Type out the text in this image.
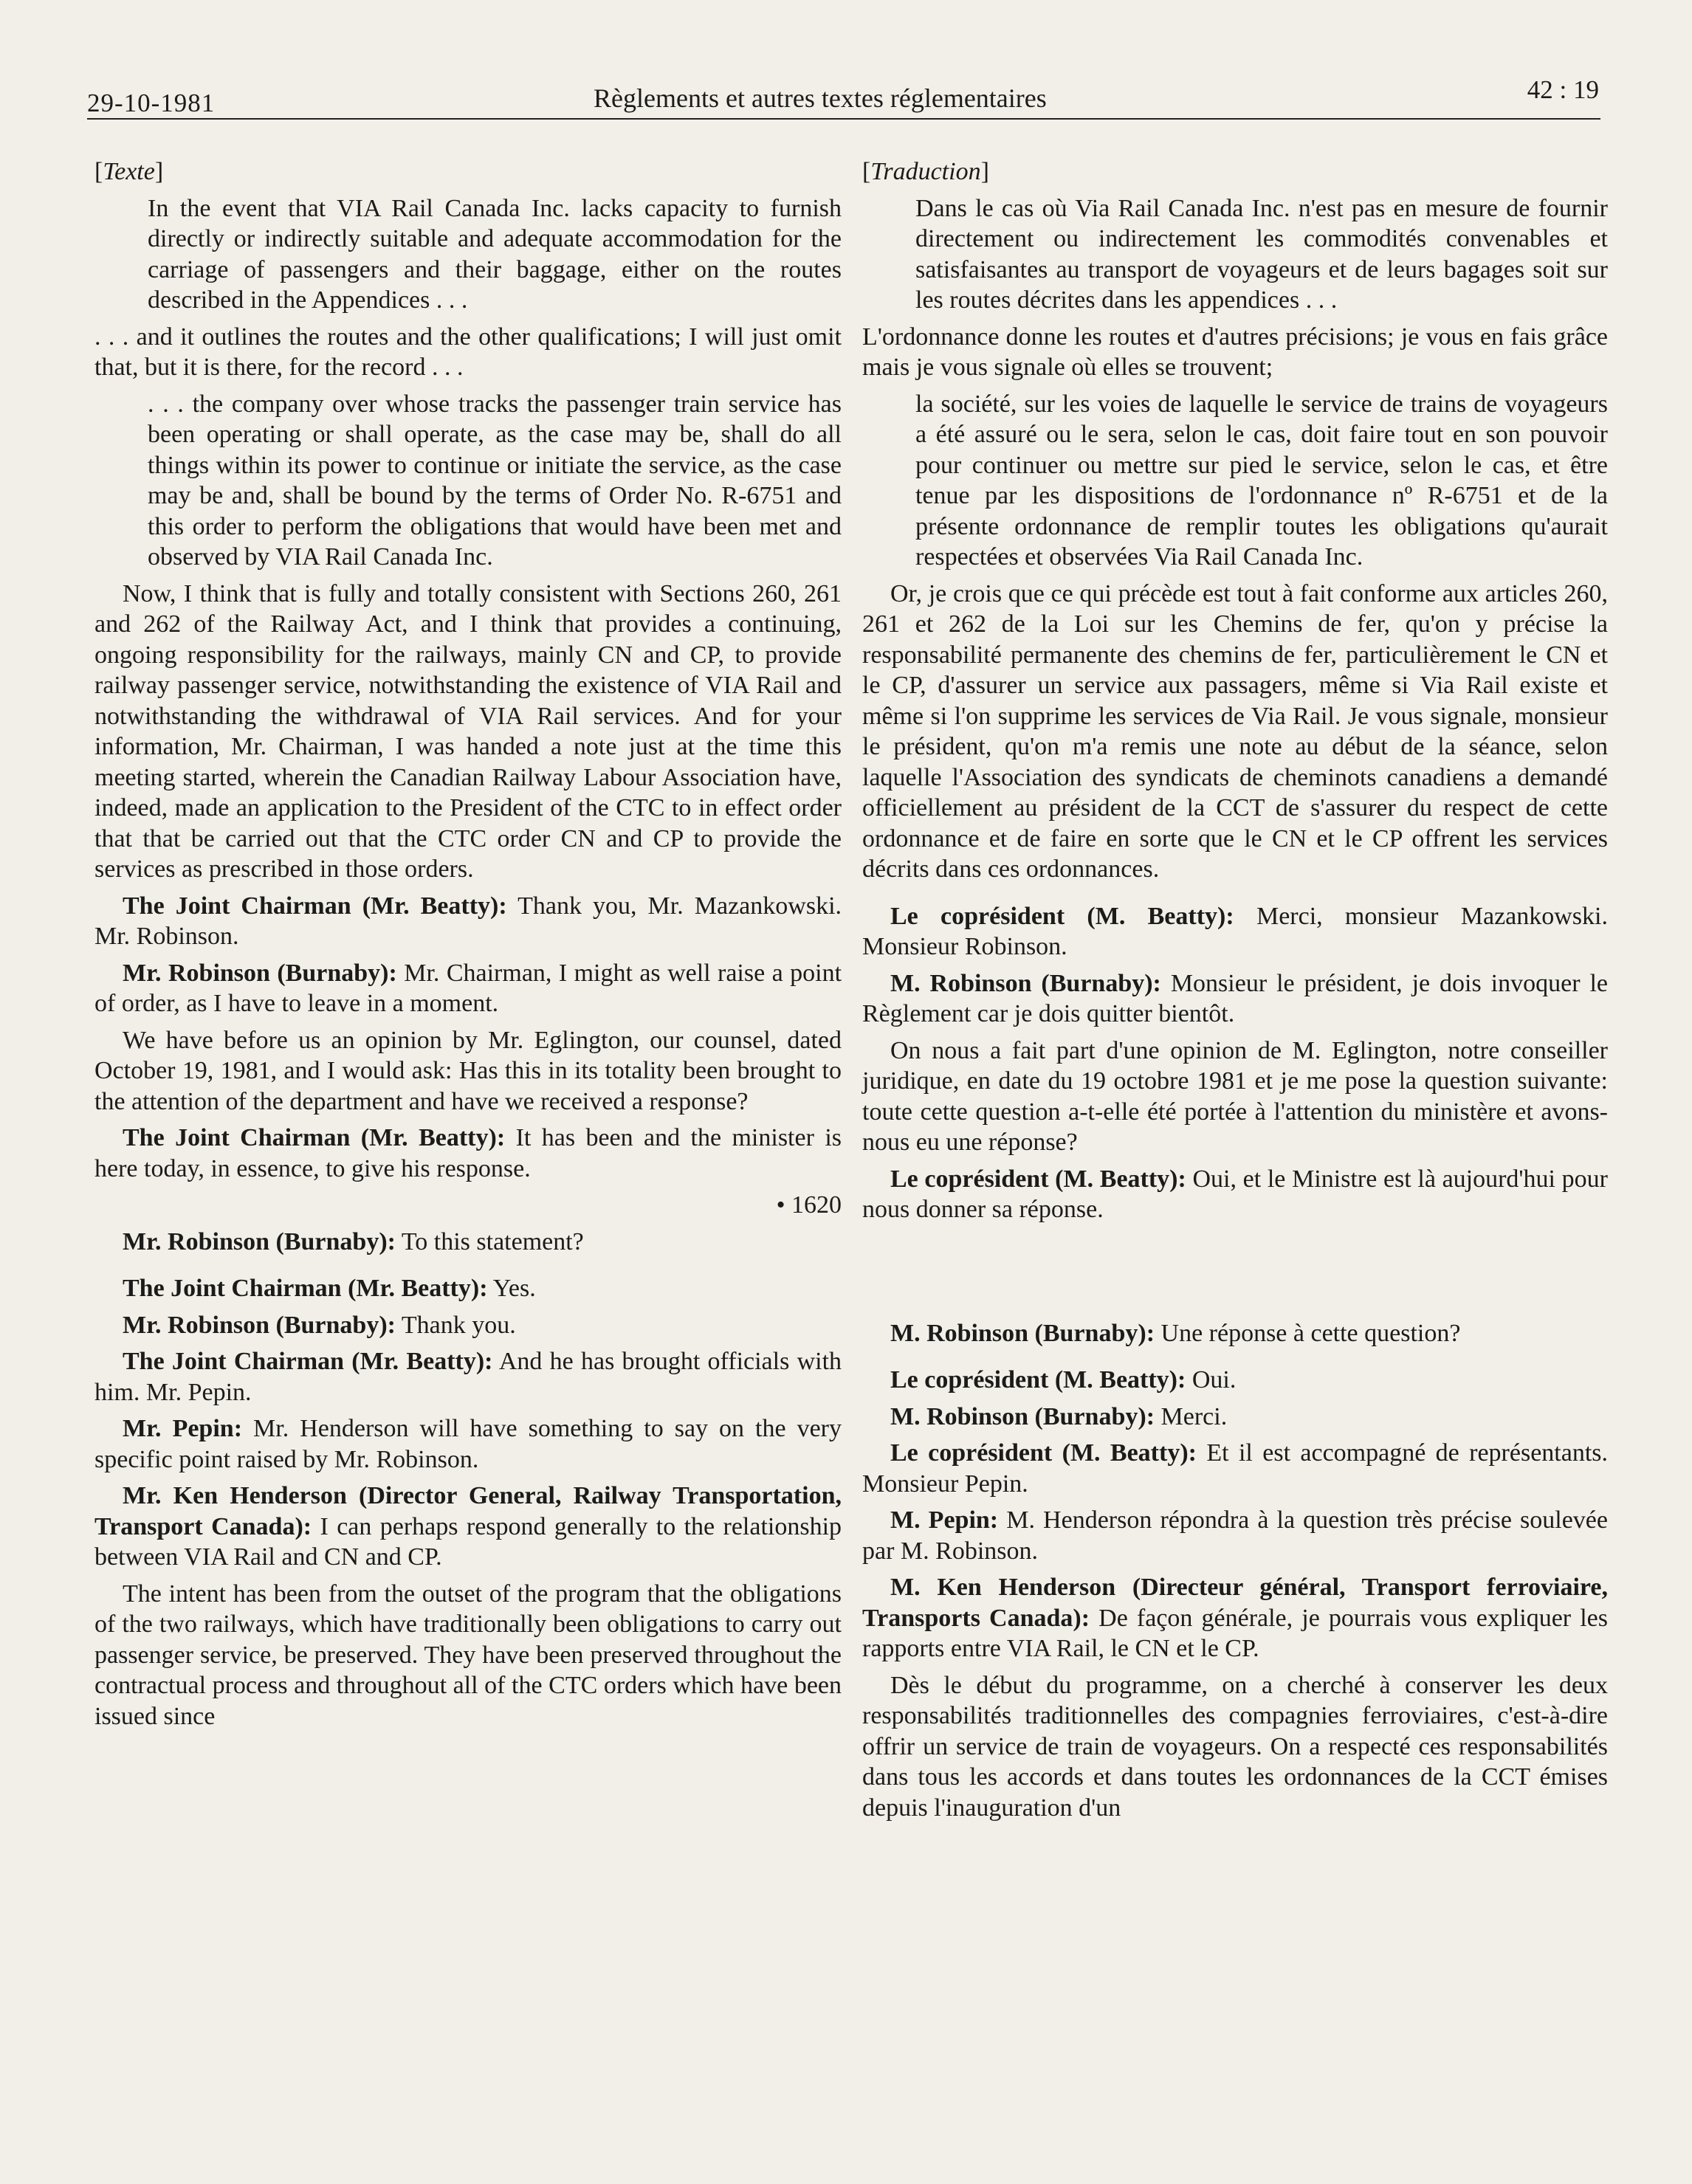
29-10-1981	Règlements et autres textes réglementaires	42 : 19

[Texte]

In the event that VIA Rail Canada Inc. lacks capacity to furnish directly or indirectly suitable and adequate accommodation for the carriage of passengers and their baggage, either on the routes described in the Appendices . . .

. . . and it outlines the routes and the other qualifications; I will just omit that, but it is there, for the record . . .

. . . the company over whose tracks the passenger train service has been operating or shall operate, as the case may be, shall do all things within its power to continue or initiate the service, as the case may be and, shall be bound by the terms of Order No. R-6751 and this order to perform the obligations that would have been met and observed by VIA Rail Canada Inc.

Now, I think that is fully and totally consistent with Sections 260, 261 and 262 of the Railway Act, and I think that provides a continuing, ongoing responsibility for the railways, mainly CN and CP, to provide railway passenger service, notwithstanding the existence of VIA Rail and notwithstanding the withdrawal of VIA Rail services. And for your information, Mr. Chairman, I was handed a note just at the time this meeting started, wherein the Canadian Railway Labour Association have, indeed, made an application to the President of the CTC to in effect order that that be carried out that the CTC order CN and CP to provide the services as prescribed in those orders.

The Joint Chairman (Mr. Beatty): Thank you, Mr. Mazankowski. Mr. Robinson.

Mr. Robinson (Burnaby): Mr. Chairman, I might as well raise a point of order, as I have to leave in a moment.

We have before us an opinion by Mr. Eglington, our counsel, dated October 19, 1981, and I would ask: Has this in its totality been brought to the attention of the department and have we received a response?

The Joint Chairman (Mr. Beatty): It has been and the minister is here today, in essence, to give his response.

• 1620

Mr. Robinson (Burnaby): To this statement?

The Joint Chairman (Mr. Beatty): Yes.

Mr. Robinson (Burnaby): Thank you.

The Joint Chairman (Mr. Beatty): And he has brought officials with him. Mr. Pepin.

Mr. Pepin: Mr. Henderson will have something to say on the very specific point raised by Mr. Robinson.

Mr. Ken Henderson (Director General, Railway Transportation, Transport Canada): I can perhaps respond generally to the relationship between VIA Rail and CN and CP.

The intent has been from the outset of the program that the obligations of the two railways, which have traditionally been obligations to carry out passenger service, be preserved. They have been preserved throughout the contractual process and throughout all of the CTC orders which have been issued since

[Traduction]

Dans le cas où Via Rail Canada Inc. n'est pas en mesure de fournir directement ou indirectement les commodités convenables et satisfaisantes au transport de voyageurs et de leurs bagages soit sur les routes décrites dans les appendices . . .

L'ordonnance donne les routes et d'autres précisions; je vous en fais grâce mais je vous signale où elles se trouvent;

la société, sur les voies de laquelle le service de trains de voyageurs a été assuré ou le sera, selon le cas, doit faire tout en son pouvoir pour continuer ou mettre sur pied le service, selon le cas, et être tenue par les dispositions de l'ordonnance nº R-6751 et de la présente ordonnance de remplir toutes les obligations qu'aurait respectées et observées Via Rail Canada Inc.

Or, je crois que ce qui précède est tout à fait conforme aux articles 260, 261 et 262 de la Loi sur les Chemins de fer, qu'on y précise la responsabilité permanente des chemins de fer, particulièrement le CN et le CP, d'assurer un service aux passagers, même si Via Rail existe et même si l'on supprime les services de Via Rail. Je vous signale, monsieur le président, qu'on m'a remis une note au début de la séance, selon laquelle l'Association des syndicats de cheminots canadiens a demandé officiellement au président de la CCT de s'assurer du respect de cette ordonnance et de faire en sorte que le CN et le CP offrent les services décrits dans ces ordonnances.

Le coprésident (M. Beatty): Merci, monsieur Mazankowski. Monsieur Robinson.

M. Robinson (Burnaby): Monsieur le président, je dois invoquer le Règlement car je dois quitter bientôt.

On nous a fait part d'une opinion de M. Eglington, notre conseiller juridique, en date du 19 octobre 1981 et je me pose la question suivante: toute cette question a-t-elle été portée à l'attention du ministère et avons-nous eu une réponse?

Le coprésident (M. Beatty): Oui, et le Ministre est là aujourd'hui pour nous donner sa réponse.

M. Robinson (Burnaby): Une réponse à cette question?

Le coprésident (M. Beatty): Oui.

M. Robinson (Burnaby): Merci.

Le coprésident (M. Beatty): Et il est accompagné de représentants. Monsieur Pepin.

M. Pepin: M. Henderson répondra à la question très précise soulevée par M. Robinson.

M. Ken Henderson (Directeur général, Transport ferroviaire, Transports Canada): De façon générale, je pourrais vous expliquer les rapports entre VIA Rail, le CN et le CP.

Dès le début du programme, on a cherché à conserver les deux responsabilités traditionnelles des compagnies ferroviaires, c'est-à-dire offrir un service de train de voyageurs. On a respecté ces responsabilités dans tous les accords et dans toutes les ordonnances de la CCT émises depuis l'inauguration d'un
